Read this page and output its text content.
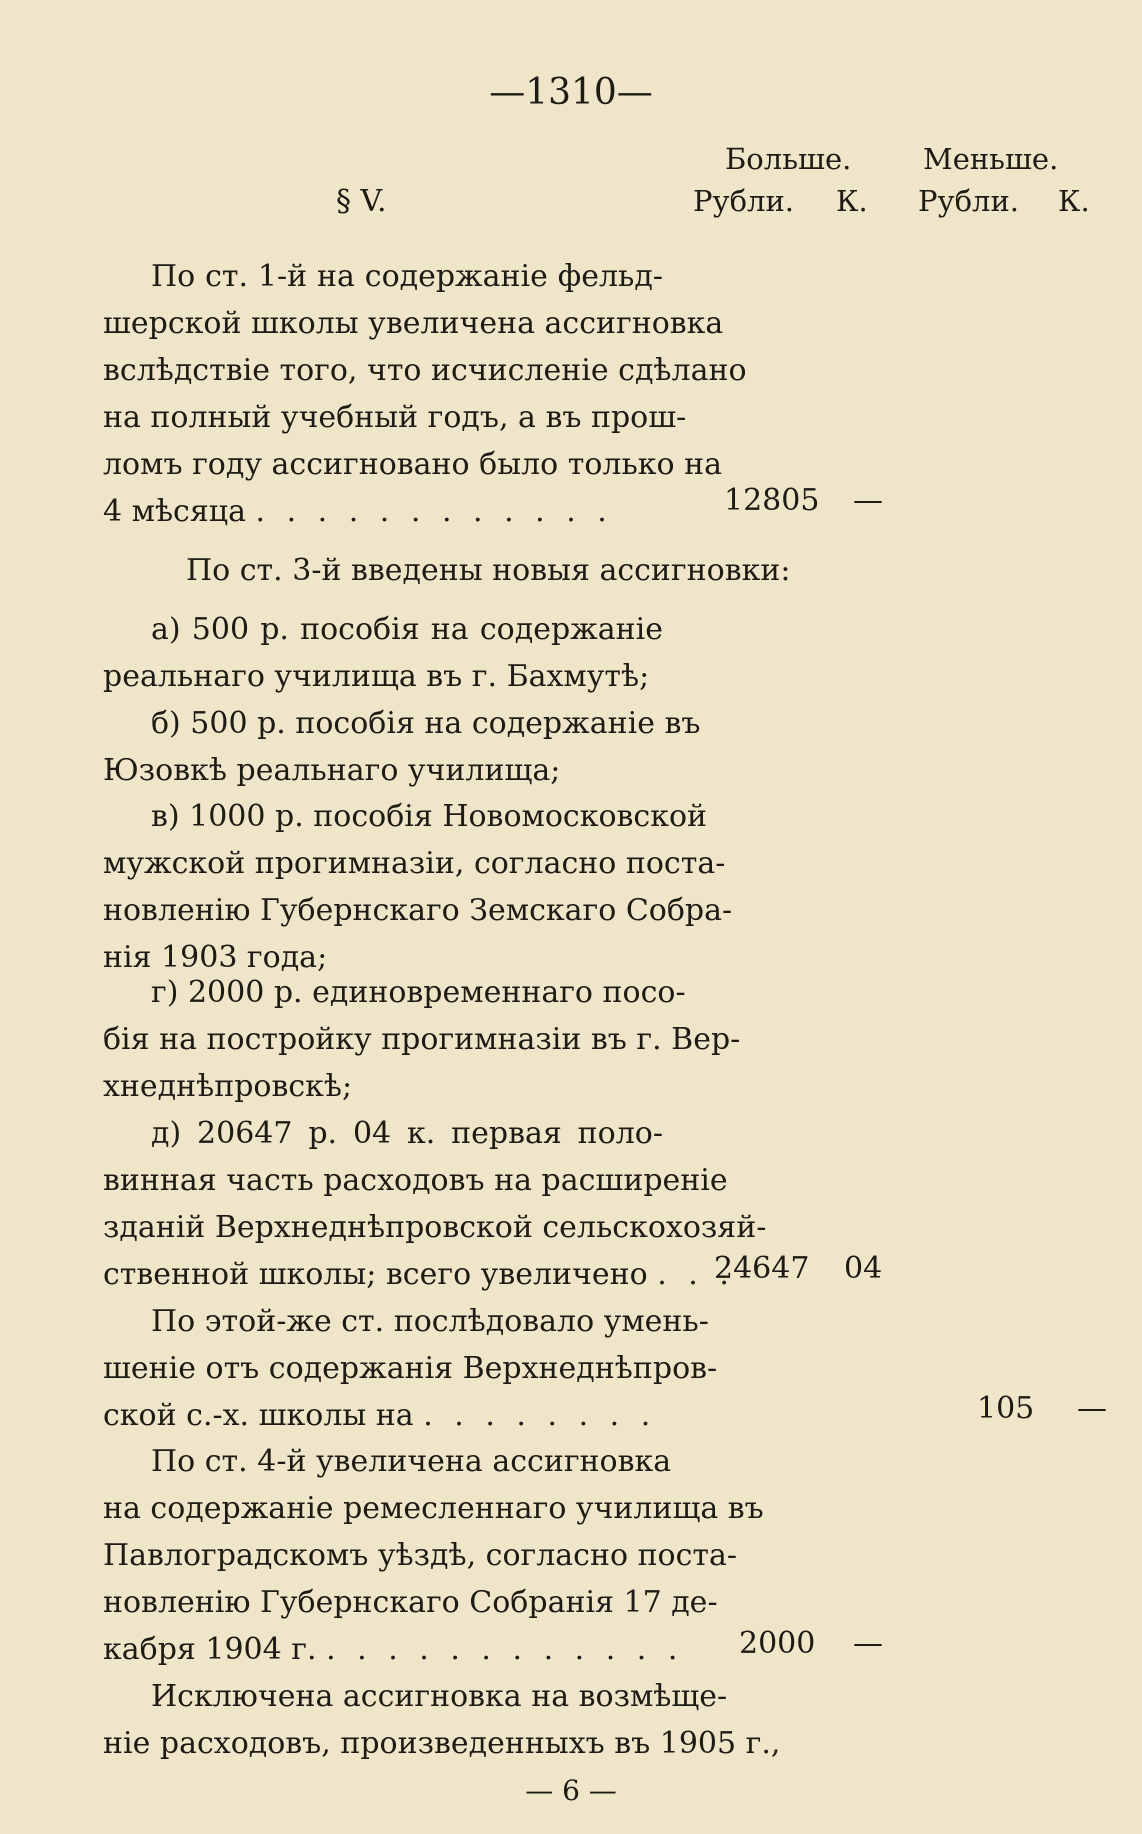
—1310—
Больше. Меньше.
Рубли. К. Рубли. К.
§ V.
По ст. 1-й на содержаніе фельд-
шерской школы увеличена ассигновка
вслѣдствіе того, что исчисленіе сдѣлано
на полный учебный годъ, а въ прош-
ломъ году ассигновано было только на
4 мѣсяца . . . . . . . . . . . .	12805 —
По ст. 3-й введены новыя ассигновки:
а) 500 р. пособія на содержаніе
реальнаго училища въ г. Бахмутѣ;
б) 500 р. пособія на содержаніе въ
Юзовкѣ реальнаго училища;
в) 1000 р. пособія Новомосковской
мужской прогимназіи, согласно поста-
новленію Губернскаго Земскаго Собра-
нія 1903 года;
г) 2000 р. единовременнаго посо-
бія на постройку прогимназіи въ г. Вер-
хнеднѣпровскѣ;
д) 20647 р. 04 к. первая поло-
винная часть расходовъ на расширеніе
зданій Верхнеднѣпровской сельскохозяй-
ственной школы; всего увеличено . . .
24647 04
По этой-же ст. послѣдовало умень-
шеніе отъ содержанія Верхнеднѣпров-
ской с.-х. школы на . . . . . . . .	105 —
По ст. 4-й увеличена ассигновка
на содержаніе ремесленнаго училища въ
Павлоградскомъ уѣздѣ, согласно поста-
новленію Губернскаго Собранія 17 де-
кабря 1904 г. . . . . . . . . . . . . 2000 —
Исключена ассигновка на возмѣще-
ніе расходовъ, произведенныхъ въ 1905 г.,
— 6 —
